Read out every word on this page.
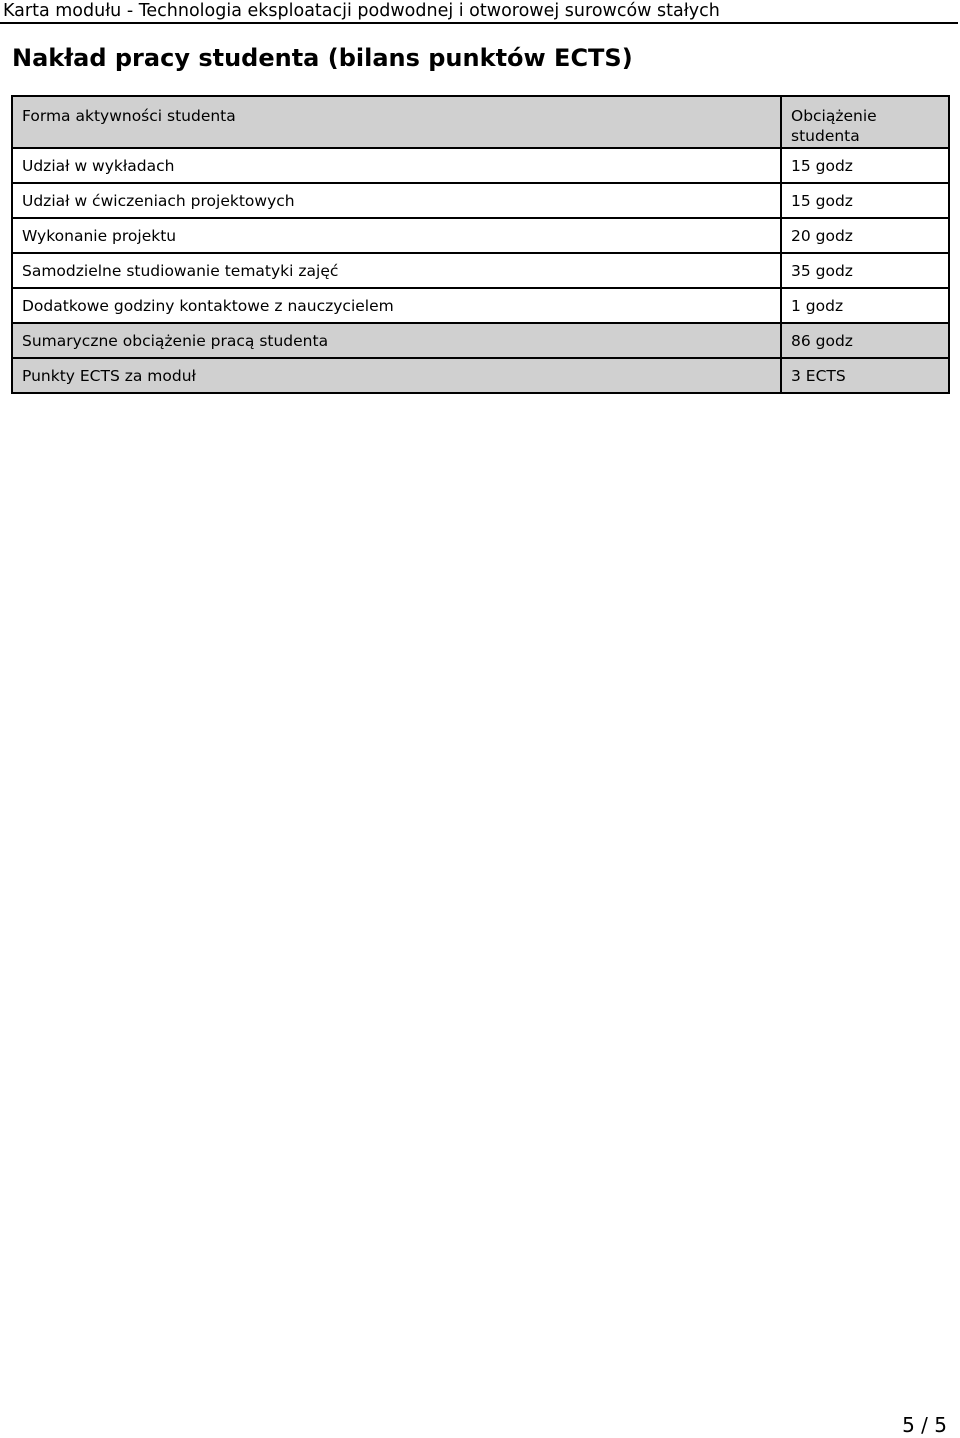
Karta modułu - Technologia eksploatacji podwodnej i otworowej surowców stałych
Nakład pracy studenta (bilans punktów ECTS)
Forma aktywności studenta	Obciążenie studenta
Udział w wykładach	15 godz
Udział w ćwiczeniach projektowych	15 godz
Wykonanie projektu	20 godz
Samodzielne studiowanie tematyki zajęć	35 godz
Dodatkowe godziny kontaktowe z nauczycielem	1 godz
Sumaryczne obciążenie pracą studenta	86 godz
Punkty ECTS za moduł	3 ECTS
5 / 5
